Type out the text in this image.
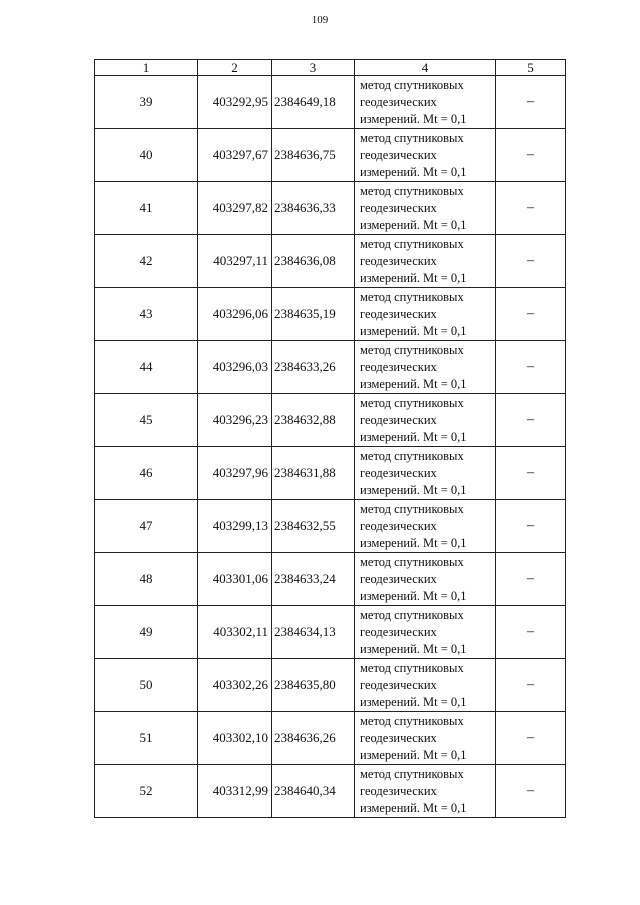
109
1	2	3	4	5
39	403292,95	2384649,18	метод спутниковых
геодезических
измерений. Mt = 0,1	–
40	403297,67	2384636,75	метод спутниковых
геодезических
измерений. Mt = 0,1	–
41	403297,82	2384636,33	метод спутниковых
геодезических
измерений. Mt = 0,1	–
42	403297,11	2384636,08	метод спутниковых
геодезических
измерений. Mt = 0,1	–
43	403296,06	2384635,19	метод спутниковых
геодезических
измерений. Mt = 0,1	–
44	403296,03	2384633,26	метод спутниковых
геодезических
измерений. Mt = 0,1	–
45	403296,23	2384632,88	метод спутниковых
геодезических
измерений. Mt = 0,1	–
46	403297,96	2384631,88	метод спутниковых
геодезических
измерений. Mt = 0,1	–
47	403299,13	2384632,55	метод спутниковых
геодезических
измерений. Mt = 0,1	–
48	403301,06	2384633,24	метод спутниковых
геодезических
измерений. Mt = 0,1	–
49	403302,11	2384634,13	метод спутниковых
геодезических
измерений. Mt = 0,1	–
50	403302,26	2384635,80	метод спутниковых
геодезических
измерений. Mt = 0,1	–
51	403302,10	2384636,26	метод спутниковых
геодезических
измерений. Mt = 0,1	–
52	403312,99	2384640,34	метод спутниковых
геодезических
измерений. Mt = 0,1	–
